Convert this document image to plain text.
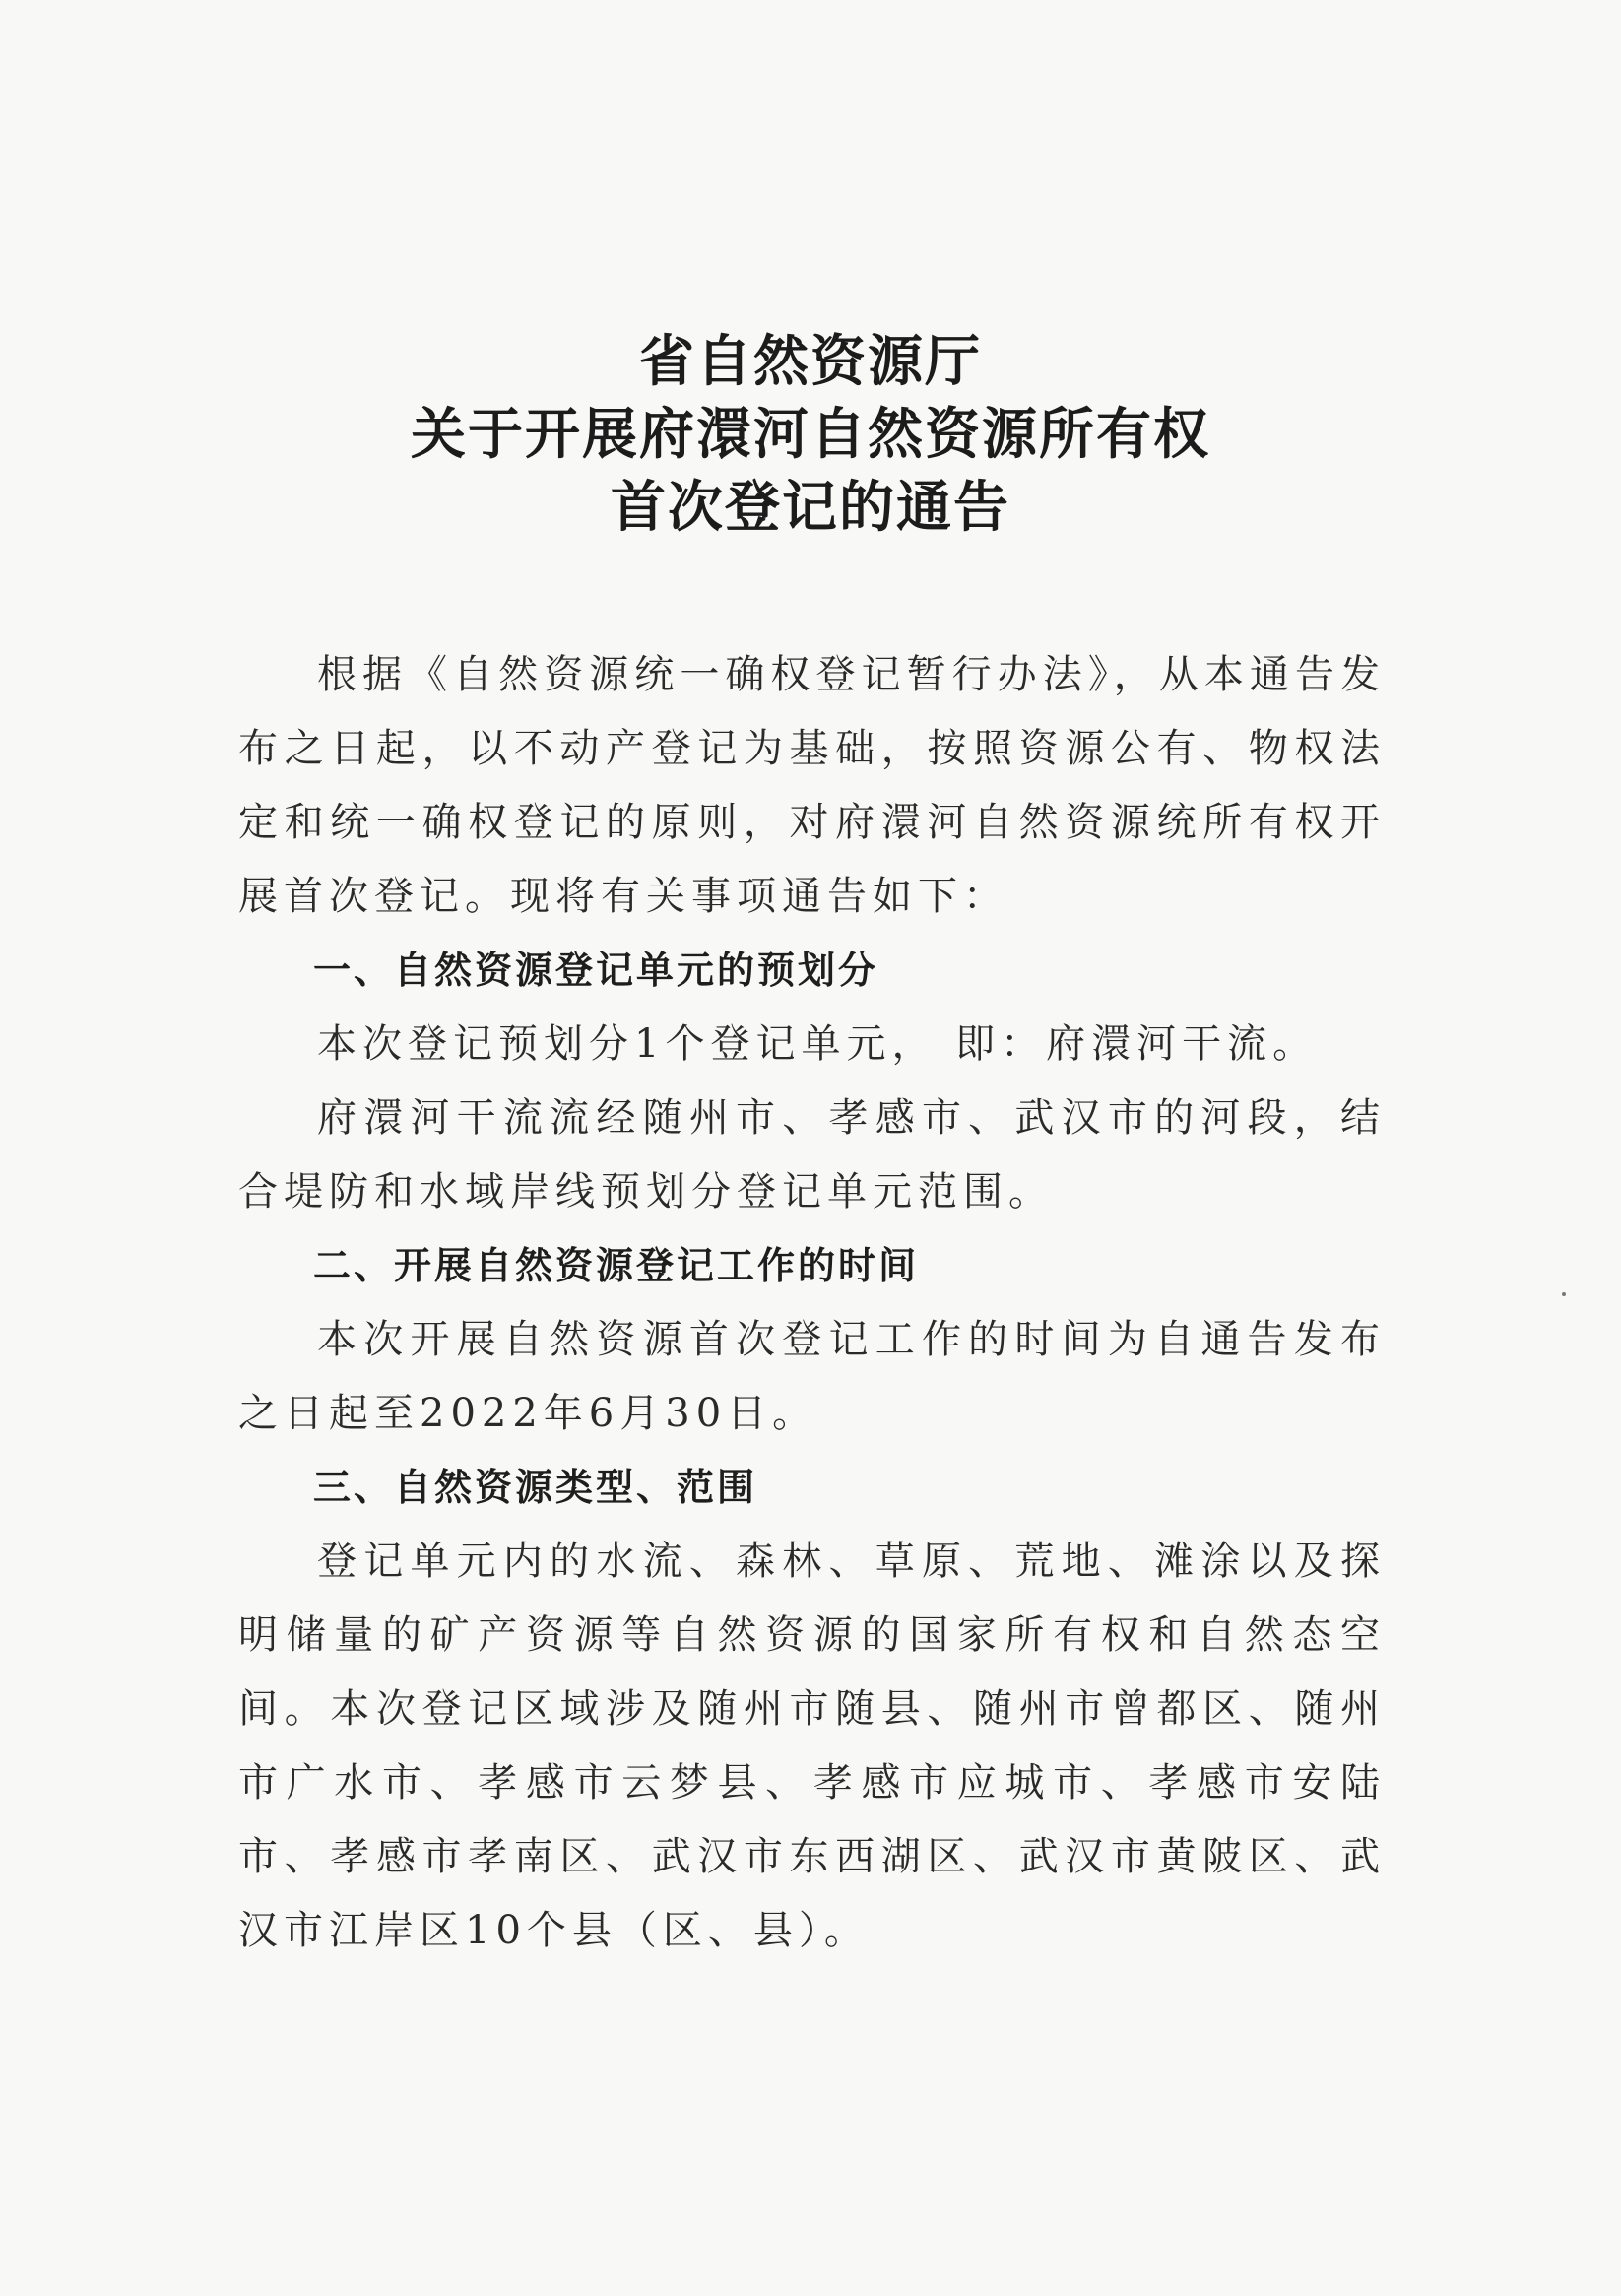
省自然资源厅
关于开展府澴河自然资源所有权
首次登记的通告

根据《自然资源统一确权登记暂行办法》，从本通告发布之日起，以不动产登记为基础，按照资源公有、物权法定和统一确权登记的原则，对府澴河自然资源统所有权开展首次登记。现将有关事项通告如下：

一、自然资源登记单元的预划分

本次登记预划分1个登记单元， 即：府澴河干流。

府澴河干流流经随州市、孝感市、武汉市的河段，结合堤防和水域岸线预划分登记单元范围。

二、开展自然资源登记工作的时间

本次开展自然资源首次登记工作的时间为自通告发布之日起至2022年6月30日。

三、自然资源类型、范围

登记单元内的水流、森林、草原、荒地、滩涂以及探明储量的矿产资源等自然资源的国家所有权和自然态空间。本次登记区域涉及随州市随县、随州市曾都区、随州市广水市、孝感市云梦县、孝感市应城市、孝感市安陆市、孝感市孝南区、武汉市东西湖区、武汉市黄陂区、武汉市江岸区10个县（区、县）。
